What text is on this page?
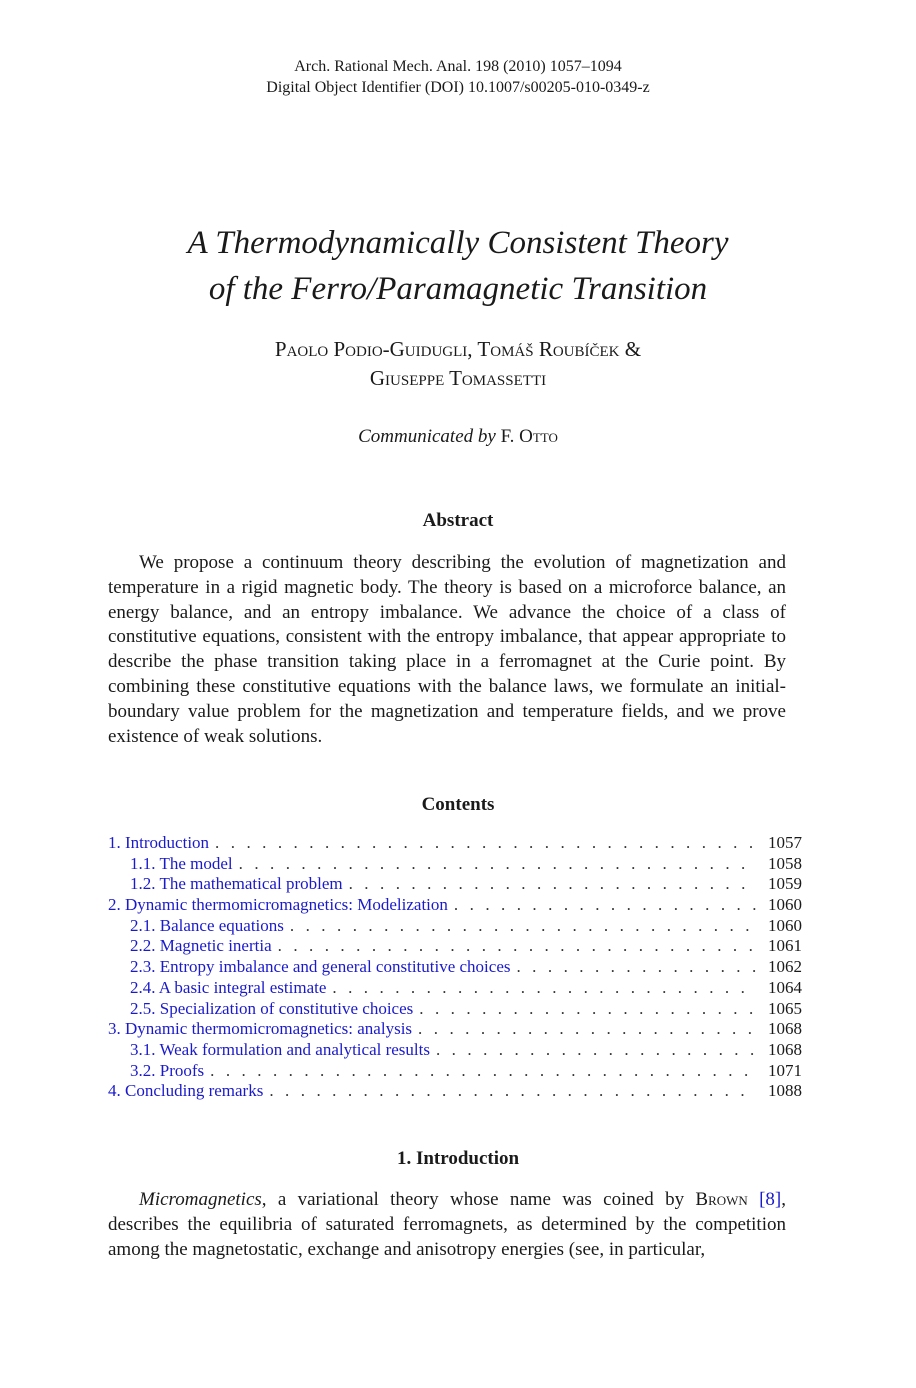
Arch. Rational Mech. Anal. 198 (2010) 1057–1094
Digital Object Identifier (DOI) 10.1007/s00205-010-0349-z
A Thermodynamically Consistent Theory
of the Ferro/Paramagnetic Transition
Paolo Podio-Guidugli, Tomáš Roubíček &
Giuseppe Tomassetti
Communicated by F. Otto
Abstract

We propose a continuum theory describing the evolution of magnetization and temperature in a rigid magnetic body. The theory is based on a microforce balance, an energy balance, and an entropy imbalance. We advance the choice of a class of constitutive equations, consistent with the entropy imbalance, that appear appropriate to describe the phase transition taking place in a ferromagnet at the Curie point. By combining these constitutive equations with the balance laws, we formulate an initial-boundary value problem for the magnetization and temperature fields, and we prove existence of weak solutions.

Contents
1. Introduction . . .	1057
1.1. The model . . .	1058
1.2. The mathematical problem . . .	1059
2. Dynamic thermomicromagnetics: Modelization . . .	1060
2.1. Balance equations . . .	1060
2.2. Magnetic inertia . . .	1061
2.3. Entropy imbalance and general constitutive choices . . .	1062
2.4. A basic integral estimate . . .	1064
2.5. Specialization of constitutive choices . . .	1065
3. Dynamic thermomicromagnetics: analysis . . .	1068
3.1. Weak formulation and analytical results . . .	1068
3.2. Proofs . . .	1071
4. Concluding remarks . . .	1088
1. Introduction

Micromagnetics, a variational theory whose name was coined by Brown [8], describes the equilibria of saturated ferromagnets, as determined by the competition among the magnetostatic, exchange and anisotropy energies (see, in particular,
